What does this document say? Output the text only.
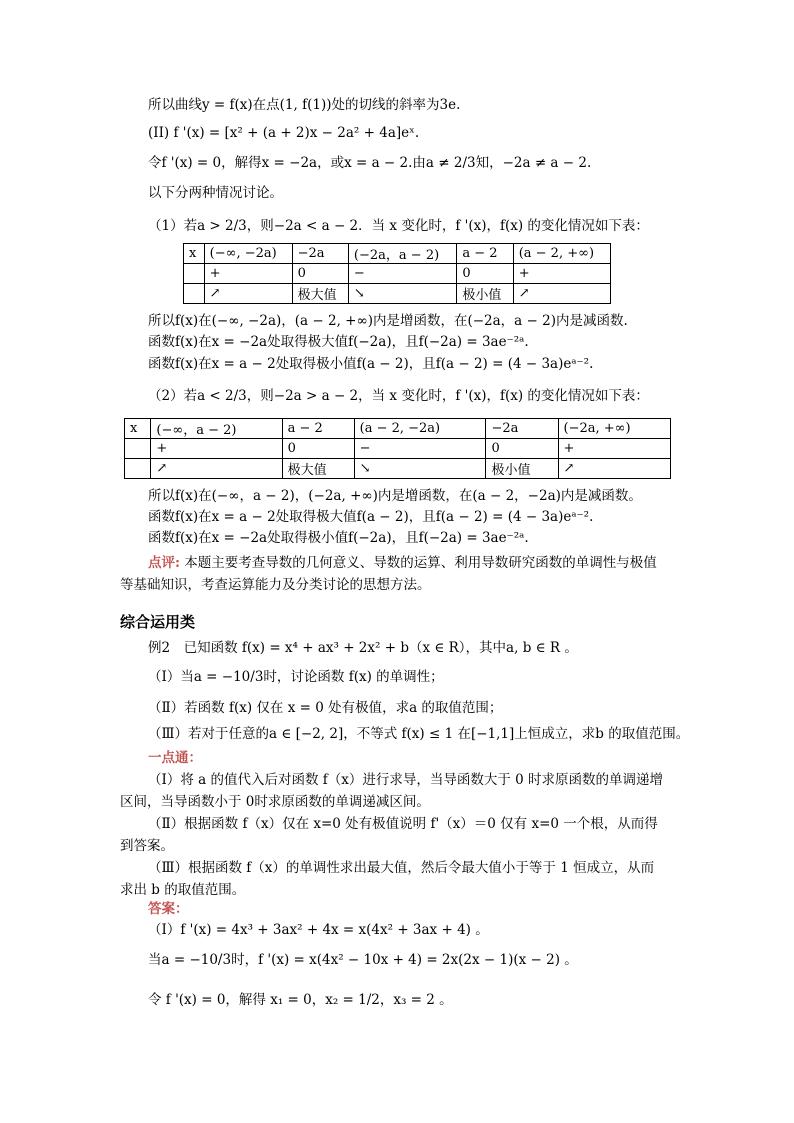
所以曲线y = f(x)在点(1, f(1))处的切线的斜率为3e.
(II) f '(x) = [x² + (a + 2)x − 2a² + 4a]eˣ.
令f '(x) = 0，解得x = −2a，或x = a − 2.由a ≠ 2/3知，−2a ≠ a − 2.
以下分两种情况讨论。
（1）若a > 2/3，则−2a < a − 2．当 x 变化时，f '(x)，f(x) 的变化情况如下表：
x	(−∞, −2a)	−2a	(−2a，a − 2)	a − 2	(a − 2, +∞)
	+	0	−	0	+
	↗	极大值	↘	极小值	↗
所以f(x)在(−∞, −2a)，(a − 2, +∞)内是增函数，在(−2a，a − 2)内是减函数.
函数f(x)在x = −2a处取得极大值f(−2a)，且f(−2a) = 3ae⁻²ᵃ.
函数f(x)在x = a − 2处取得极小值f(a − 2)，且f(a − 2) = (4 − 3a)eᵃ⁻².
（2）若a < 2/3，则−2a > a − 2，当 x 变化时，f '(x)，f(x) 的变化情况如下表：
x	(−∞，a − 2)	a − 2	(a − 2, −2a)	−2a	(−2a, +∞)
	+	0	−	0	+
	↗	极大值	↘	极小值	↗
所以f(x)在(−∞，a − 2)，(−2a, +∞)内是增函数，在(a − 2，−2a)内是减函数。
函数f(x)在x = a − 2处取得极大值f(a − 2)，且f(a − 2) = (4 − 3a)eᵃ⁻².
函数f(x)在x = −2a处取得极小值f(−2a)，且f(−2a) = 3ae⁻²ᵃ.
点评: 本题主要考查导数的几何意义、导数的运算、利用导数研究函数的单调性与极值
等基础知识，考查运算能力及分类讨论的思想方法。
综合运用类
例2　已知函数 f(x) = x⁴ + ax³ + 2x² + b（x ∈ R），其中a, b ∈ R 。
（Ⅰ）当a = −10/3时，讨论函数 f(x) 的单调性；
（Ⅱ）若函数 f(x) 仅在 x = 0 处有极值，求a 的取值范围；
（Ⅲ）若对于任意的a ∈ [−2, 2]，不等式 f(x) ≤ 1 在[−1,1]上恒成立，求b 的取值范围。
一点通：
（Ⅰ）将 a 的值代入后对函数 f（x）进行求导，当导函数大于 0 时求原函数的单调递增
区间，当导函数小于 0时求原函数的单调递减区间。
（Ⅱ）根据函数 f（x）仅在 x=0 处有极值说明 f'（x）＝0 仅有 x=0 一个根，从而得
到答案。
（Ⅲ）根据函数 f（x）的单调性求出最大值，然后令最大值小于等于 1 恒成立，从而
求出 b 的取值范围。
答案：
（Ⅰ）f '(x) = 4x³ + 3ax² + 4x = x(4x² + 3ax + 4) 。
当a = −10/3时，f '(x) = x(4x² − 10x + 4) = 2x(2x − 1)(x − 2) 。
令 f '(x) = 0，解得 x₁ = 0，x₂ = 1/2，x₃ = 2 。
